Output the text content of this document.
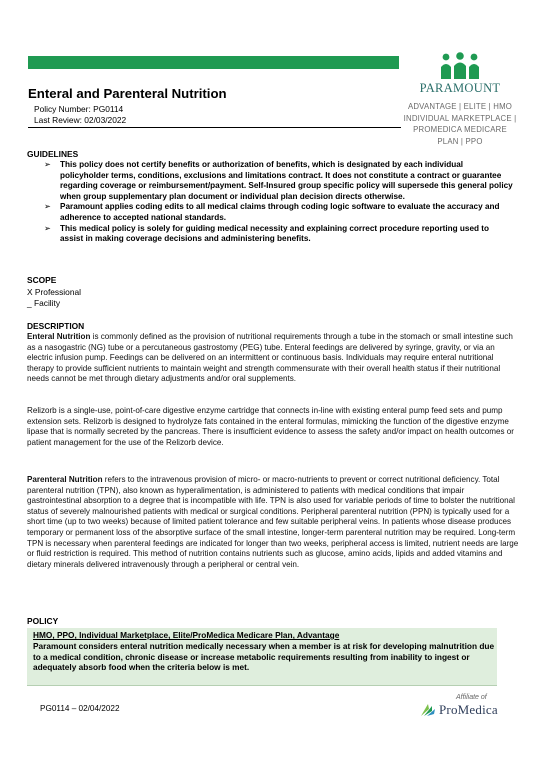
Enteral and Parenteral Nutrition
Policy Number: PG0114
Last Review: 02/03/2022
PARAMOUNT
ADVANTAGE | ELITE | HMO
INDIVIDUAL MARKETPLACE |
PROMEDICA MEDICARE
PLAN | PPO
GUIDELINES
➢ This policy does not certify benefits or authorization of benefits, which is designated by each individual policyholder terms, conditions, exclusions and limitations contract. It does not constitute a contract or guarantee regarding coverage or reimbursement/payment. Self-Insured group specific policy will supersede this general policy when group supplementary plan document or individual plan decision directs otherwise.
➢ Paramount applies coding edits to all medical claims through coding logic software to evaluate the accuracy and adherence to accepted national standards.
➢ This medical policy is solely for guiding medical necessity and explaining correct procedure reporting used to assist in making coverage decisions and administering benefits.
SCOPE
X Professional
_ Facility
DESCRIPTION
Enteral Nutrition is commonly defined as the provision of nutritional requirements through a tube in the stomach or small intestine such as a nasogastric (NG) tube or a percutaneous gastrostomy (PEG) tube. Enteral feedings are delivered by syringe, gravity, or via an electric infusion pump. Feedings can be delivered on an intermittent or continuous basis. Individuals may require enteral nutritional therapy to provide sufficient nutrients to maintain weight and strength commensurate with their overall health status if their nutritional needs cannot be met through dietary adjustments and/or oral supplements.
Relizorb is a single-use, point-of-care digestive enzyme cartridge that connects in-line with existing enteral pump feed sets and pump extension sets. Relizorb is designed to hydrolyze fats contained in the enteral formulas, mimicking the function of the digestive enzyme lipase that is normally secreted by the pancreas. There is insufficient evidence to assess the safety and/or impact on health outcomes or patient management for the use of the Relizorb device.
Parenteral Nutrition refers to the intravenous provision of micro- or macro-nutrients to prevent or correct nutritional deficiency. Total parenteral nutrition (TPN), also known as hyperalimentation, is administered to patients with medical conditions that impair gastrointestinal absorption to a degree that is incompatible with life. TPN is also used for variable periods of time to bolster the nutritional status of severely malnourished patients with medical or surgical conditions. Peripheral parenteral nutrition (PPN) is typically used for a short time (up to two weeks) because of limited patient tolerance and few suitable peripheral veins. In patients whose disease produces temporary or permanent loss of the absorptive surface of the small intestine, longer-term parenteral nutrition may be required. Long-term TPN is necessary when parenteral feedings are indicated for longer than two weeks, peripheral access is limited, nutrient needs are large or fluid restriction is required. This method of nutrition contains nutrients such as glucose, amino acids, lipids and added vitamins and dietary minerals delivered intravenously through a peripheral or central vein.
POLICY
HMO, PPO, Individual Marketplace, Elite/ProMedica Medicare Plan, Advantage
Paramount considers enteral nutrition medically necessary when a member is at risk for developing malnutrition due to a medical condition, chronic disease or increase metabolic requirements resulting from inability to ingest or adequately absorb food when the criteria below is met.
PG0114 – 02/04/2022
Affiliate of
ProMedica
